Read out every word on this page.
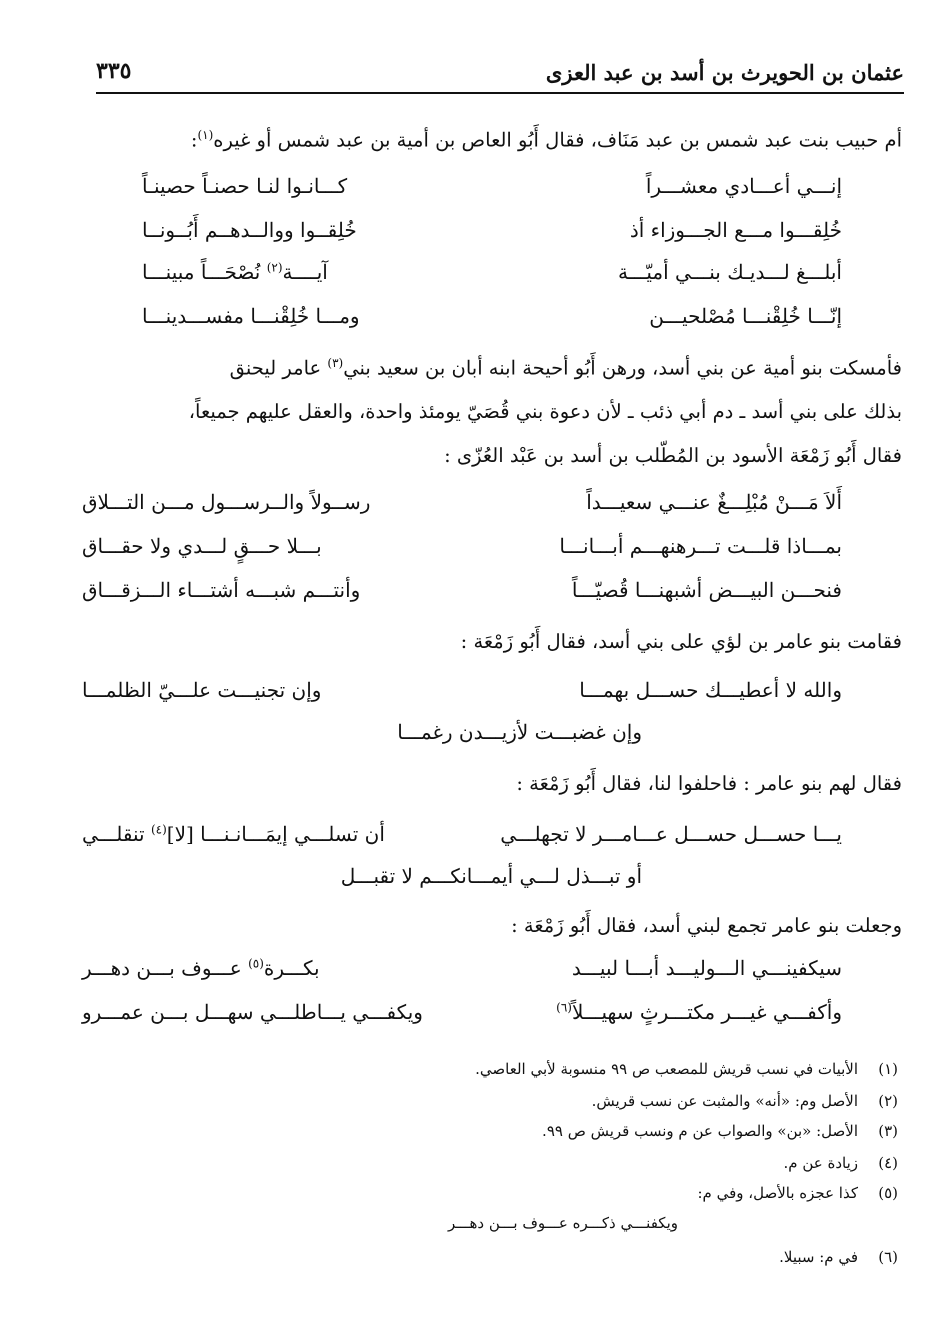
عثمان بن الحويرث بن أسد بن عبد العزى
٣٣٥
أم حبيب بنت عبد شمس بن عبد مَنَاف، فقال أَبُو العاص بن أمية بن عبد شمس أو غيره$^{(١)}$:
إنـــي أعـــادي معشـــراً
كـــانـوا لنـا حصنـاً حصينـاً
خُلِقـــوا مـــع الجـــوزاء أذ
خُلِقــوا ووالــدهــم أَبُــونــا
أبلـــغ لـــديـك بنـــي أميّـــة
آيــــة$^{(٢)}$ نُصْحَـــاً مبينـــا
إنّـــا خُلِقْنـــا مُصْلحيـــن
ومـــا خُلِقْنـــا مفســـدينـــا
فأمسكت بنو أمية عن بني أسد، ورهن أَبُو أحيحة ابنه أبان بن سعيد بني$^{(٣)}$ عامر ليحنق
بذلك على بني أسد ـ دم أبي ذئب ـ لأن دعوة بني قُصَيّ يومئذ واحدة، والعقل عليهم جميعاً،
فقال أَبُو زَمْعَة الأسود بن المُطّلب بن أسد بن عَبْد العُزّى :
أَلاَ مَـــنْ مُبْلِـــغٌ عنـــي سعيـــداً
رســولاً والــرســـول مـــن التـــلاق
بمـــاذا قلـــت تـــرهنهـــم أبـــانـــا
بـــلا حـــقٍ لـــدي ولا حقـــاق
فنحـــن البيـــض أشبهنـــا قُصيّـــاً
وأنتـــم شبـــه أشتـــاء الـــزقـــاق
فقامت بنو عامر بن لؤي على بني أسد، فقال أَبُو زَمْعَة :
والله لا أعطيـــك حســـل بهمـــا
وإن تجنيـــت علـــيّ الظلمـــا
وإن غضبـــت لأزيـــدن رغمـــا
فقال لهم بنو عامر : فاحلفوا لنا، فقال أَبُو زَمْعَة :
يـــا حســـل حســـل عـــامـــر لا تجهلـــي
أن تسلـــي إيمَـــانـنـــا [لا]$^{(٤)}$ تنقلـــي
أو تبـــذل لـــي أيمـــانكـــم لا تقبـــل
وجعلت بنو عامر تجمع لبني أسد، فقال أَبُو زَمْعَة :
سيكفينـــي الـــوليـــد أبـــا لبيـــد
بكـــرة$^{(٥)}$ عـــوف بـــن دهـــر
وأكفـــي غيـــر مكتـــرثٍ سهيـــلاً$^{(٦)}$
ويكفـــي يـــاطلـــي سهـــل بـــن عمـــرو
(١)الأبيات في نسب قريش للمصعب ص ٩٩ منسوبة لأبي العاصي.
(٢)الأصل وم: «أنه» والمثبت عن نسب قريش.
(٣)الأصل: «بن» والصواب عن م ونسب قريش ص ٩٩.
(٤)زيادة عن م.
(٥)كذا عجزه بالأصل، وفي م:
ويكفنـــي ذكـــره عـــوف بـــن دهـــر
(٦)في م: سبيلا.
